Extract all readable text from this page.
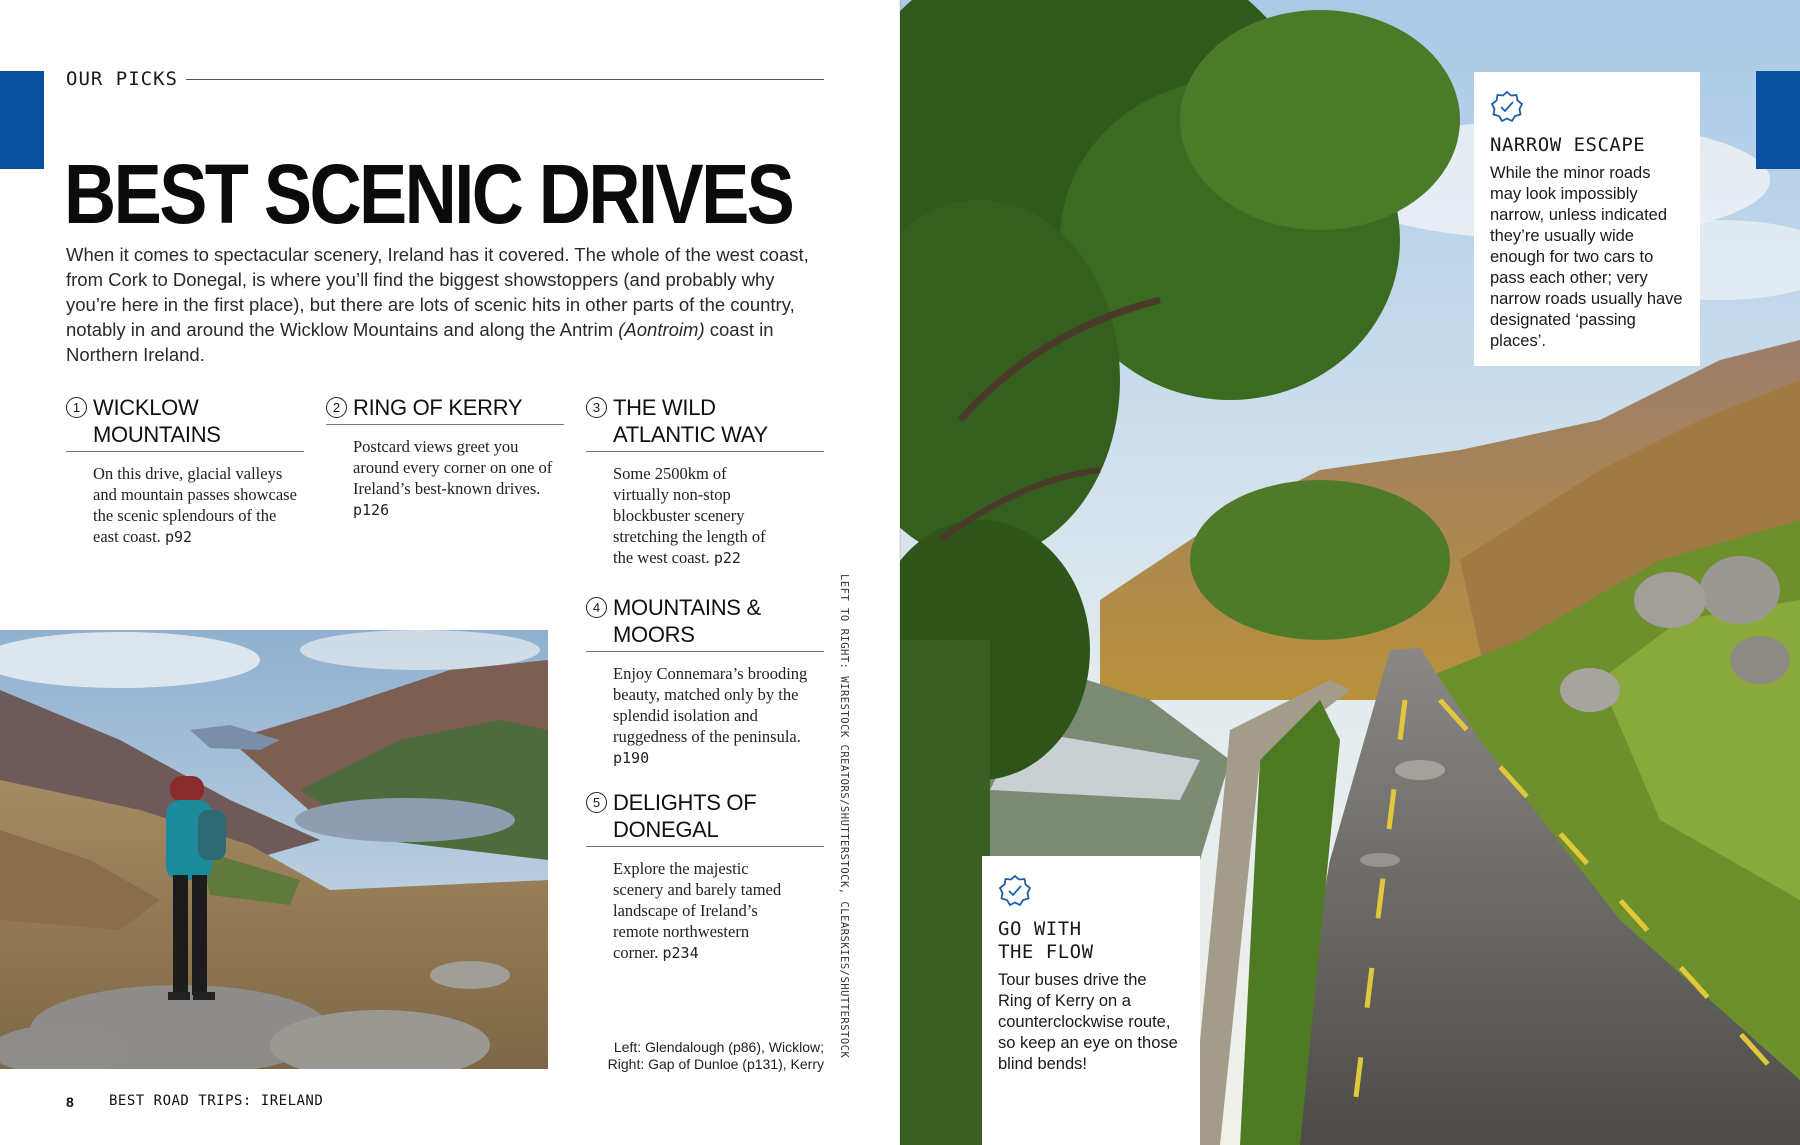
OUR PICKS
BEST SCENIC DRIVES

When it comes to spectacular scenery, Ireland has it covered. The whole of the west coast, from Cork to Donegal, is where you’ll find the biggest showstoppers (and probably why you’re here in the first place), but there are lots of scenic hits in other parts of the country, notably in and around the Wicklow Mountains and along the Antrim (Aontroim) coast in Northern Ireland.

1 WICKLOW
MOUNTAINS
On this drive, glacial valleys and mountain passes showcase the scenic splendours of the east coast. p92
2 RING OF KERRY
Postcard views greet you around every corner on one of Ireland’s best-known drives. p126
3 THE WILD
ATLANTIC WAY
Some 2500km of virtually non-stop blockbuster scenery stretching the length of the west coast. p22
4 MOUNTAINS &
MOORS
Enjoy Connemara’s brooding beauty, matched only by the splendid isolation and ruggedness of the peninsula. p190
5 DELIGHTS OF
DONEGAL
Explore the majestic scenery and barely tamed landscape of Ireland’s remote northwestern corner. p234	LEFT TO RIGHT: WIRESTOCK CREATORS/SHUTTERSTOCK, CLEARSKIES/SHUTTERSTOCK
Left: Glendalough (p86), Wicklow;
Right: Gap of Dunloe (p131), Kerry
8	BEST ROAD TRIPS: IRELAND
NARROW ESCAPE
While the minor roads may look impossibly narrow, unless indicated they’re usually wide enough for two cars to pass each other; very narrow roads usually have designated ‘passing places’.
GO WITH
THE FLOW
Tour buses drive the Ring of Kerry on a counterclockwise route, so keep an eye on those blind bends!
